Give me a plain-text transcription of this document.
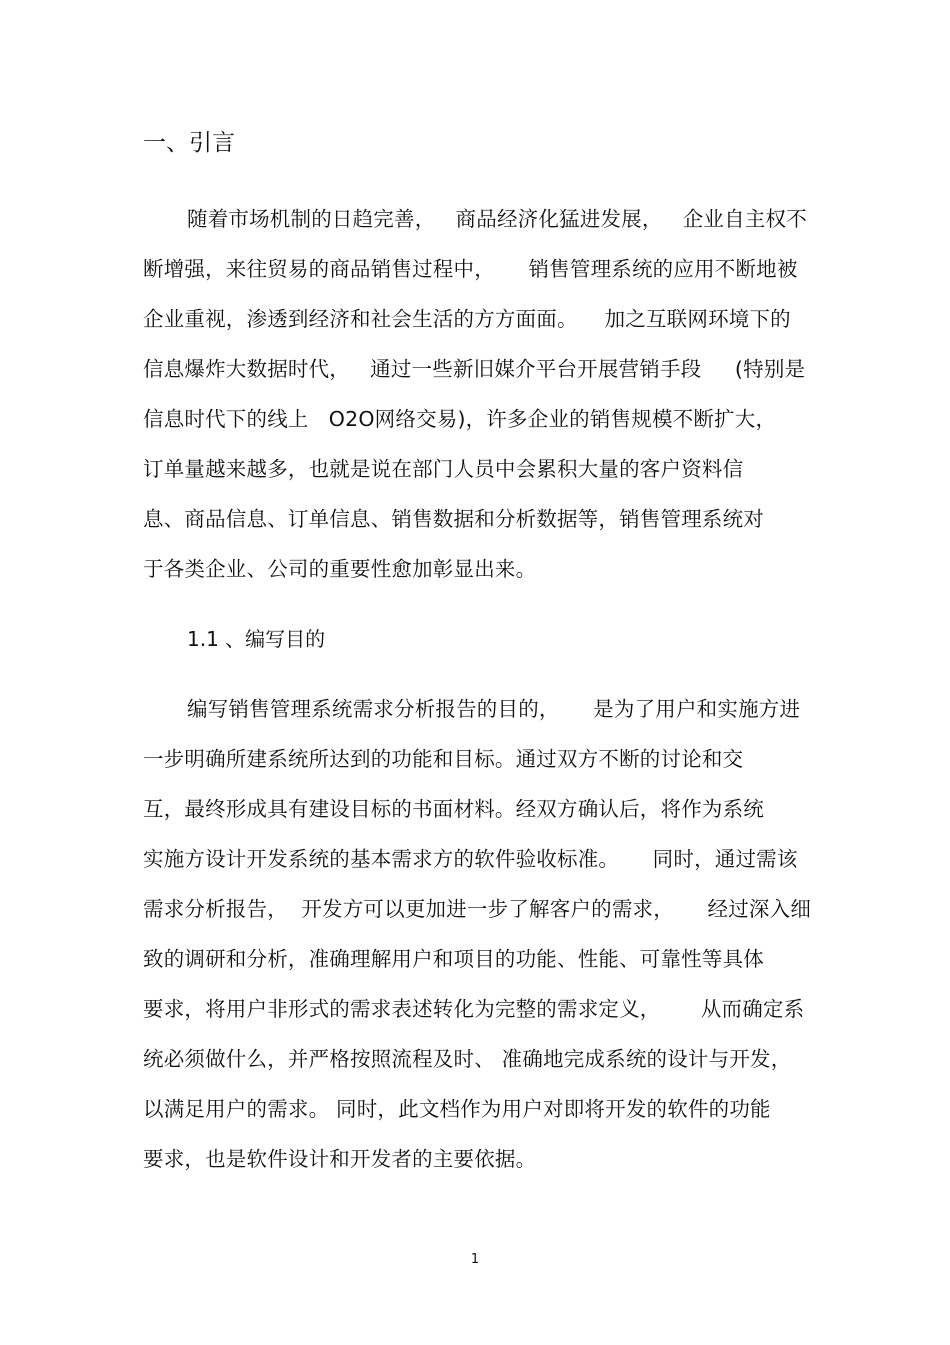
一、引言
随着市场机制的日趋完善，   商品经济化猛进发展，   企业自主权不
断增强，来往贸易的商品销售过程中，     销售管理系统的应用不断地被
企业重视，渗透到经济和社会生活的方方面面。    加之互联网环境下的
信息爆炸大数据时代，   通过一些新旧媒介平台开展营销手段     (特别是
信息时代下的线上   O2O网络交易)，许多企业的销售规模不断扩大，
订单量越来越多，也就是说在部门人员中会累积大量的客户资料信
息、商品信息、订单信息、销售数据和分析数据等，销售管理系统对
于各类企业、公司的重要性愈加彰显出来。
1.1 、编写目的
编写销售管理系统需求分析报告的目的，     是为了用户和实施方进
一步明确所建系统所达到的功能和目标。通过双方不断的讨论和交
互，最终形成具有建设目标的书面材料。经双方确认后，将作为系统
实施方设计开发系统的基本需求方的软件验收标准。     同时，通过需该
需求分析报告，  开发方可以更加进一步了解客户的需求，     经过深入细
致的调研和分析，准确理解用户和项目的功能、性能、可靠性等具体
要求，将用户非形式的需求表述转化为完整的需求定义，      从而确定系
统必须做什么，并严格按照流程及时、 准确地完成系统的设计与开发，
以满足用户的需求。 同时，此文档作为用户对即将开发的软件的功能
要求，也是软件设计和开发者的主要依据。
1
